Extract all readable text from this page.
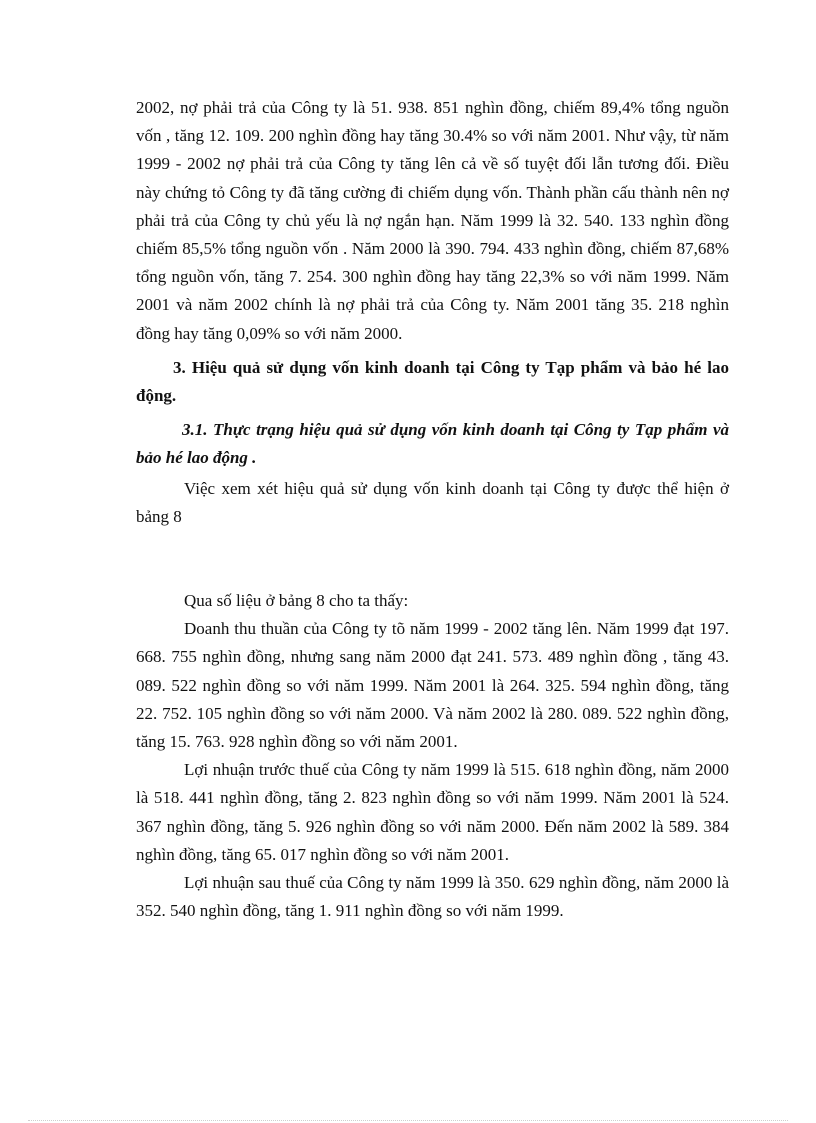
2002, nợ phải trả của Công ty là 51. 938. 851 nghìn đồng, chiếm 89,4% tổng nguồn vốn , tăng 12. 109. 200 nghìn đồng hay tăng 30.4% so với năm 2001. Như vậy, từ năm 1999 - 2002 nợ phải trả của Công ty tăng lên cả về số tuyệt đối lẫn tương đối. Điều này chứng tỏ Công ty đã tăng cường đi chiếm dụng vốn. Thành phần cấu thành nên nợ phải trả của Công ty chủ yếu là nợ ngắn hạn. Năm 1999 là 32. 540. 133 nghìn đồng chiếm 85,5% tổng nguồn vốn . Năm 2000 là 390. 794. 433 nghìn đồng, chiếm 87,68% tổng nguồn vốn, tăng 7. 254. 300 nghìn đồng hay tăng 22,3% so với năm 1999. Năm 2001 và năm 2002 chính là nợ phải trả của Công ty. Năm 2001 tăng 35. 218 nghìn đồng hay tăng 0,09% so với năm 2000.

3. Hiệu quả sử dụng vốn kinh doanh tại Công ty Tạp phẩm và bảo hé lao động.

3.1. Thực trạng hiệu quả sử dụng vốn kinh doanh tại Công ty Tạp phẩm và bảo hé lao động .

Việc xem xét hiệu quả sử dụng vốn kinh doanh tại Công ty được thể hiện ở bảng 8

Qua số liệu ở bảng 8 cho ta thấy:

Doanh thu thuần của Công ty tõ năm 1999 - 2002 tăng lên. Năm 1999 đạt 197. 668. 755 nghìn đồng, nhưng sang năm 2000 đạt 241. 573. 489 nghìn đồng , tăng 43. 089. 522 nghìn đồng so với năm 1999. Năm 2001 là 264. 325. 594 nghìn đồng, tăng 22. 752. 105 nghìn đồng so với năm 2000. Và năm 2002 là 280. 089. 522 nghìn đồng, tăng 15. 763. 928 nghìn đồng so với năm 2001.

Lợi nhuận trước thuế của Công ty năm 1999 là 515. 618 nghìn đồng, năm 2000 là 518. 441 nghìn đồng, tăng 2. 823 nghìn đồng so với năm 1999. Năm 2001 là 524. 367 nghìn đồng, tăng 5. 926 nghìn đồng so với năm 2000. Đến năm 2002 là 589. 384 nghìn đồng, tăng 65. 017 nghìn đồng so với năm 2001.

Lợi nhuận sau thuế của Công ty năm 1999 là 350. 629 nghìn đồng, năm 2000 là 352. 540 nghìn đồng, tăng 1. 911 nghìn đồng so với năm 1999.
